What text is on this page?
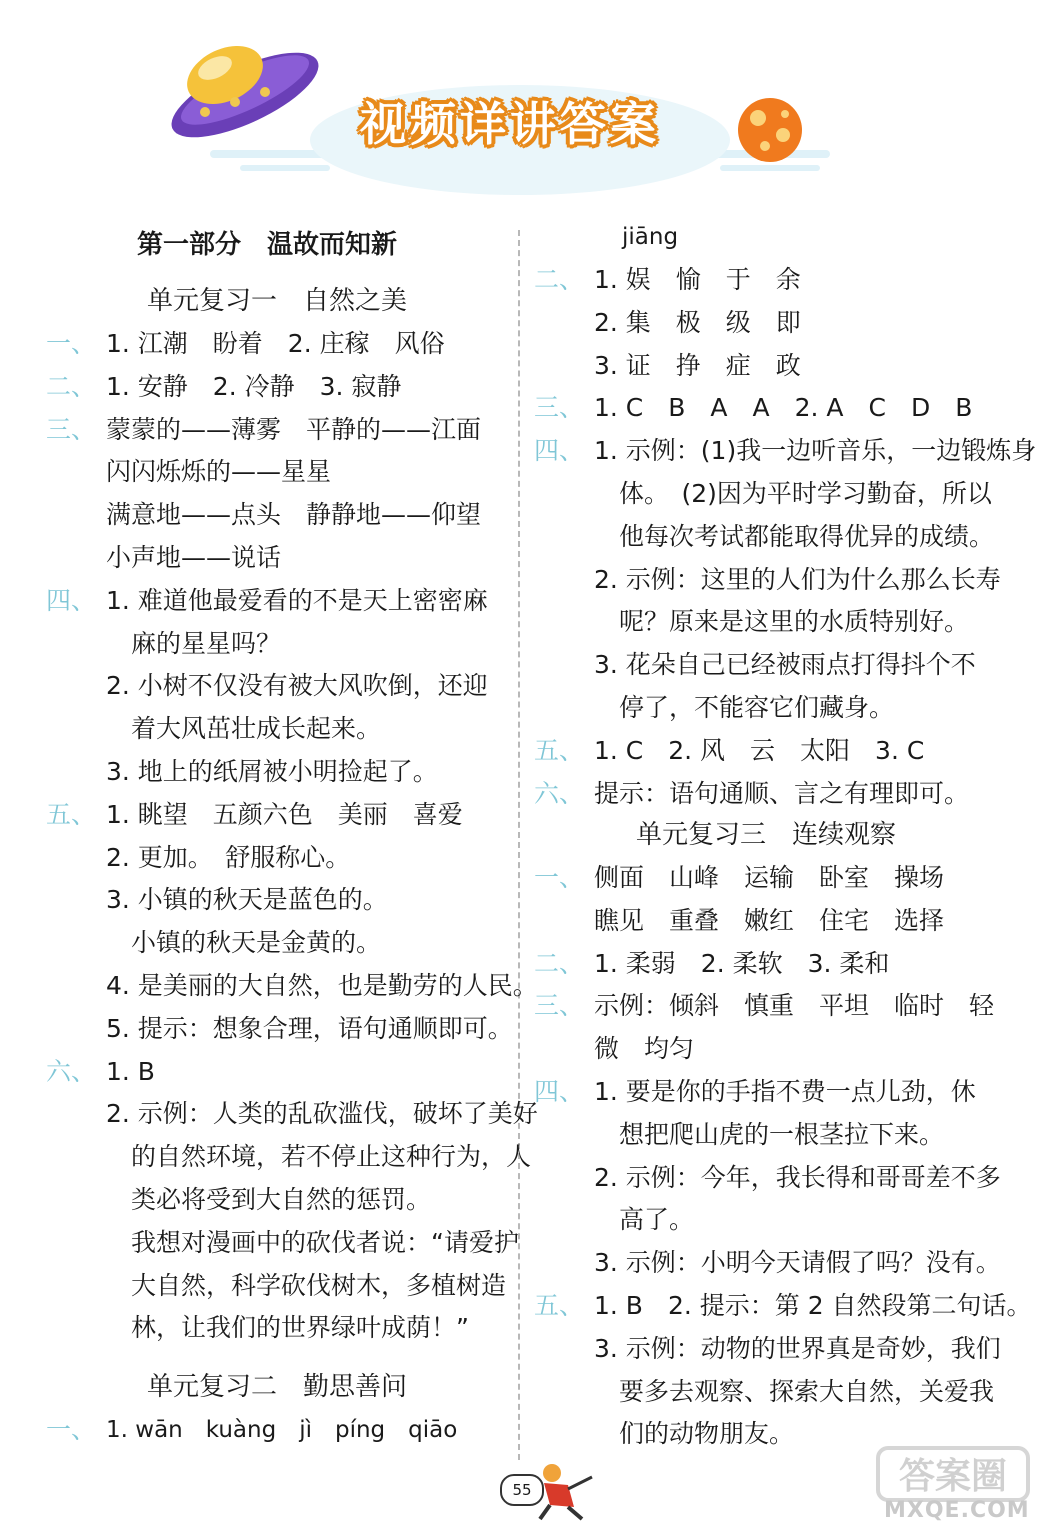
视频详讲答案
第一部分　温故而知新
单元复习一　自然之美
一、 1. 江潮　盼着　2. 庄稼　风俗
二、 1. 安静　2. 冷静　3. 寂静
三、 蒙蒙的——薄雾　平静的——江面
闪闪烁烁的——星星
满意地——点头　静静地——仰望
小声地——说话
四、 1. 难道他最爱看的不是天上密密麻
　麻的星星吗？
2. 小树不仅没有被大风吹倒，还迎
　着大风茁壮成长起来。
3. 地上的纸屑被小明捡起了。
五、 1. 眺望　五颜六色　美丽　喜爱
2. 更加。　舒服称心。
3. 小镇的秋天是蓝色的。
　小镇的秋天是金黄的。
4. 是美丽的大自然，也是勤劳的人民。
5. 提示：想象合理，语句通顺即可。
六、 1. B
2. 示例：人类的乱砍滥伐，破坏了美好
　的自然环境，若不停止这种行为，人
　类必将受到大自然的惩罚。
　我想对漫画中的砍伐者说：“请爱护
　大自然，科学砍伐树木，多植树造
　林，让我们的世界绿叶成荫！”
单元复习二　勤思善问
一、 1. wān　kuàng　jì　píng　qiāo
jiāng
二、 1. 娱　愉　于　余
2. 集　极　级　即
3. 证　挣　症　政
三、 1. C　B　A　A　2. A　C　D　B
四、 1. 示例：(1)我一边听音乐，一边锻炼身
　体。　(2)因为平时学习勤奋，所以
　他每次考试都能取得优异的成绩。
2. 示例：这里的人们为什么那么长寿
　呢？原来是这里的水质特别好。
3. 花朵自己已经被雨点打得抖个不
　停了，不能容它们藏身。
五、 1. C　2. 风　云　太阳　3. C
六、 提示：语句通顺、言之有理即可。
单元复习三　连续观察
一、 侧面　山峰　运输　卧室　操场
瞧见　重叠　嫩红　住宅　选择
二、 1. 柔弱　2. 柔软　3. 柔和
三、 示例：倾斜　慎重　平坦　临时　轻
微　均匀
四、 1. 要是你的手指不费一点儿劲，休
　想把爬山虎的一根茎拉下来。
2. 示例：今年，我长得和哥哥差不多
　高了。
3. 示例：小明今天请假了吗？没有。
五、 1. B　2. 提示：第 2 自然段第二句话。
3. 示例：动物的世界真是奇妙，我们
　要多去观察、探索大自然，关爱我
　们的动物朋友。
55	答案圈
MXQE.COM
